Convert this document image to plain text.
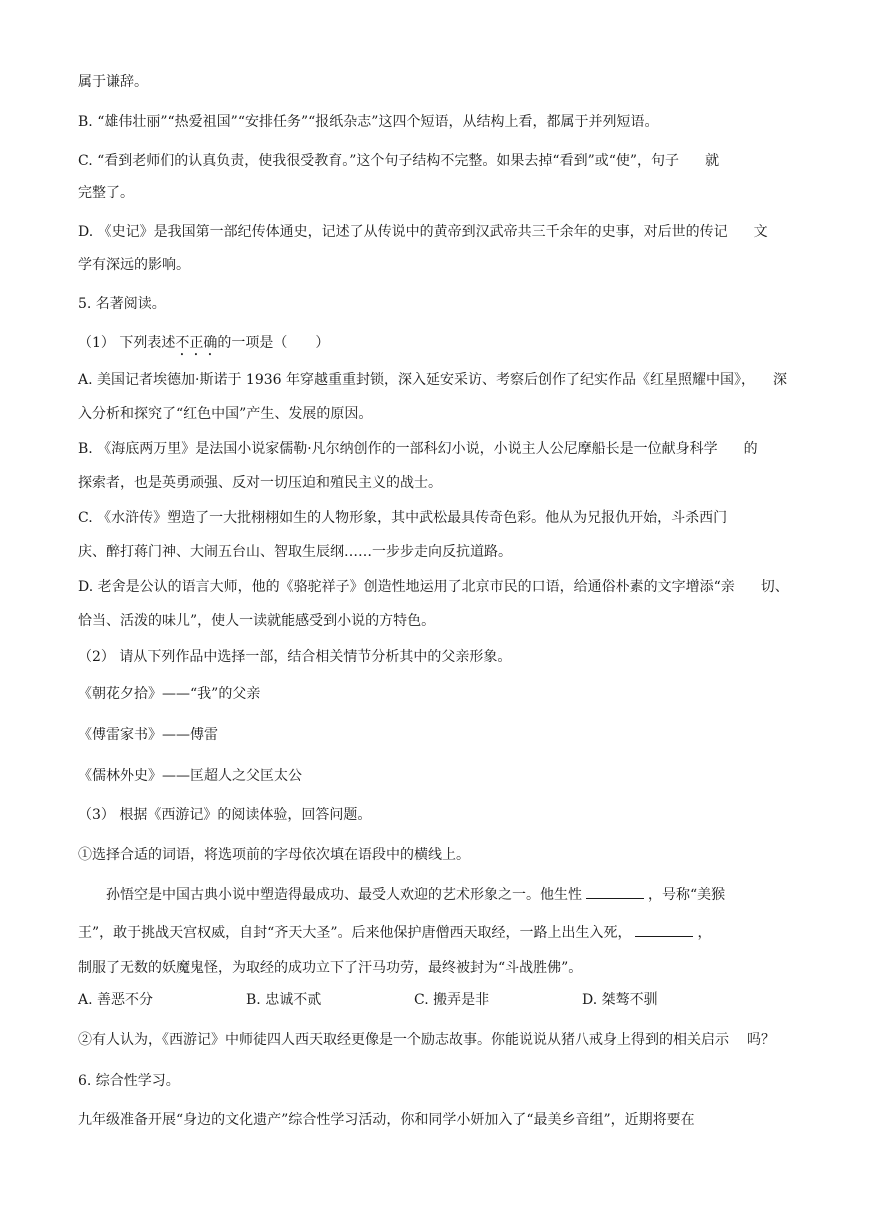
属于谦辞。
B. “雄伟壮丽”“热爱祖国”“安排任务”“报纸杂志”这四个短语，从结构上看，都属于并列短语。
C. “看到老师们的认真负责，使我很受教育。”这个句子结构不完整。如果去掉“看到”或“使”，句子 就
完整了。
D. 《史记》是我国第一部纪传体通史，记述了从传说中的黄帝到汉武帝共三千余年的史事，对后世的传记 文
学有深远的影响。
5. 名著阅读。
（1） 下列表述不正确的一项是（　　）
A. 美国记者埃德加·斯诺于 1936 年穿越重重封锁，深入延安采访、考察后创作了纪实作品《红星照耀中国》， 深
入分析和探究了“红色中国”产生、发展的原因。
B. 《海底两万里》是法国小说家儒勒·凡尔纳创作的一部科幻小说，小说主人公尼摩船长是一位献身科学 的
探索者，也是英勇顽强、反对一切压迫和殖民主义的战士。
C. 《水浒传》塑造了一大批栩栩如生的人物形象，其中武松最具传奇色彩。他从为兄报仇开始，斗杀西门
庆、醉打蒋门神、大闹五台山、智取生辰纲……一步步走向反抗道路。
D. 老舍是公认的语言大师，他的《骆驼祥子》创造性地运用了北京市民的口语，给通俗朴素的文字增添“亲 切、
恰当、活泼的味儿”，使人一读就能感受到小说的方特色。
（2） 请从下列作品中选择一部，结合相关情节分析其中的父亲形象。
《朝花夕拾》——“我”的父亲
《傅雷家书》——傅雷
《儒林外史》——匡超人之父匡太公
（3） 根据《西游记》的阅读体验，回答问题。
①选择合适的词语，将选项前的字母依次填在语段中的横线上。
孙悟空是中国古典小说中塑造得最成功、最受人欢迎的艺术形象之一。他生性	，号称“美猴
王”，敢于挑战天宫权威，自封“齐天大圣”。后来他保护唐僧西天取经，一路上出生入死，	，
制服了无数的妖魔鬼怪，为取经的成功立下了汗马功劳，最终被封为“斗战胜佛”。
A. 善恶不分	B. 忠诚不贰	C. 搬弄是非	D. 桀骜不驯
②有人认为，《西游记》中师徒四人西天取经更像是一个励志故事。你能说说从猪八戒身上得到的相关启示 吗？
6. 综合性学习。
九年级准备开展“身边的文化遗产”综合性学习活动，你和同学小妍加入了“最美乡音组”，近期将要在
